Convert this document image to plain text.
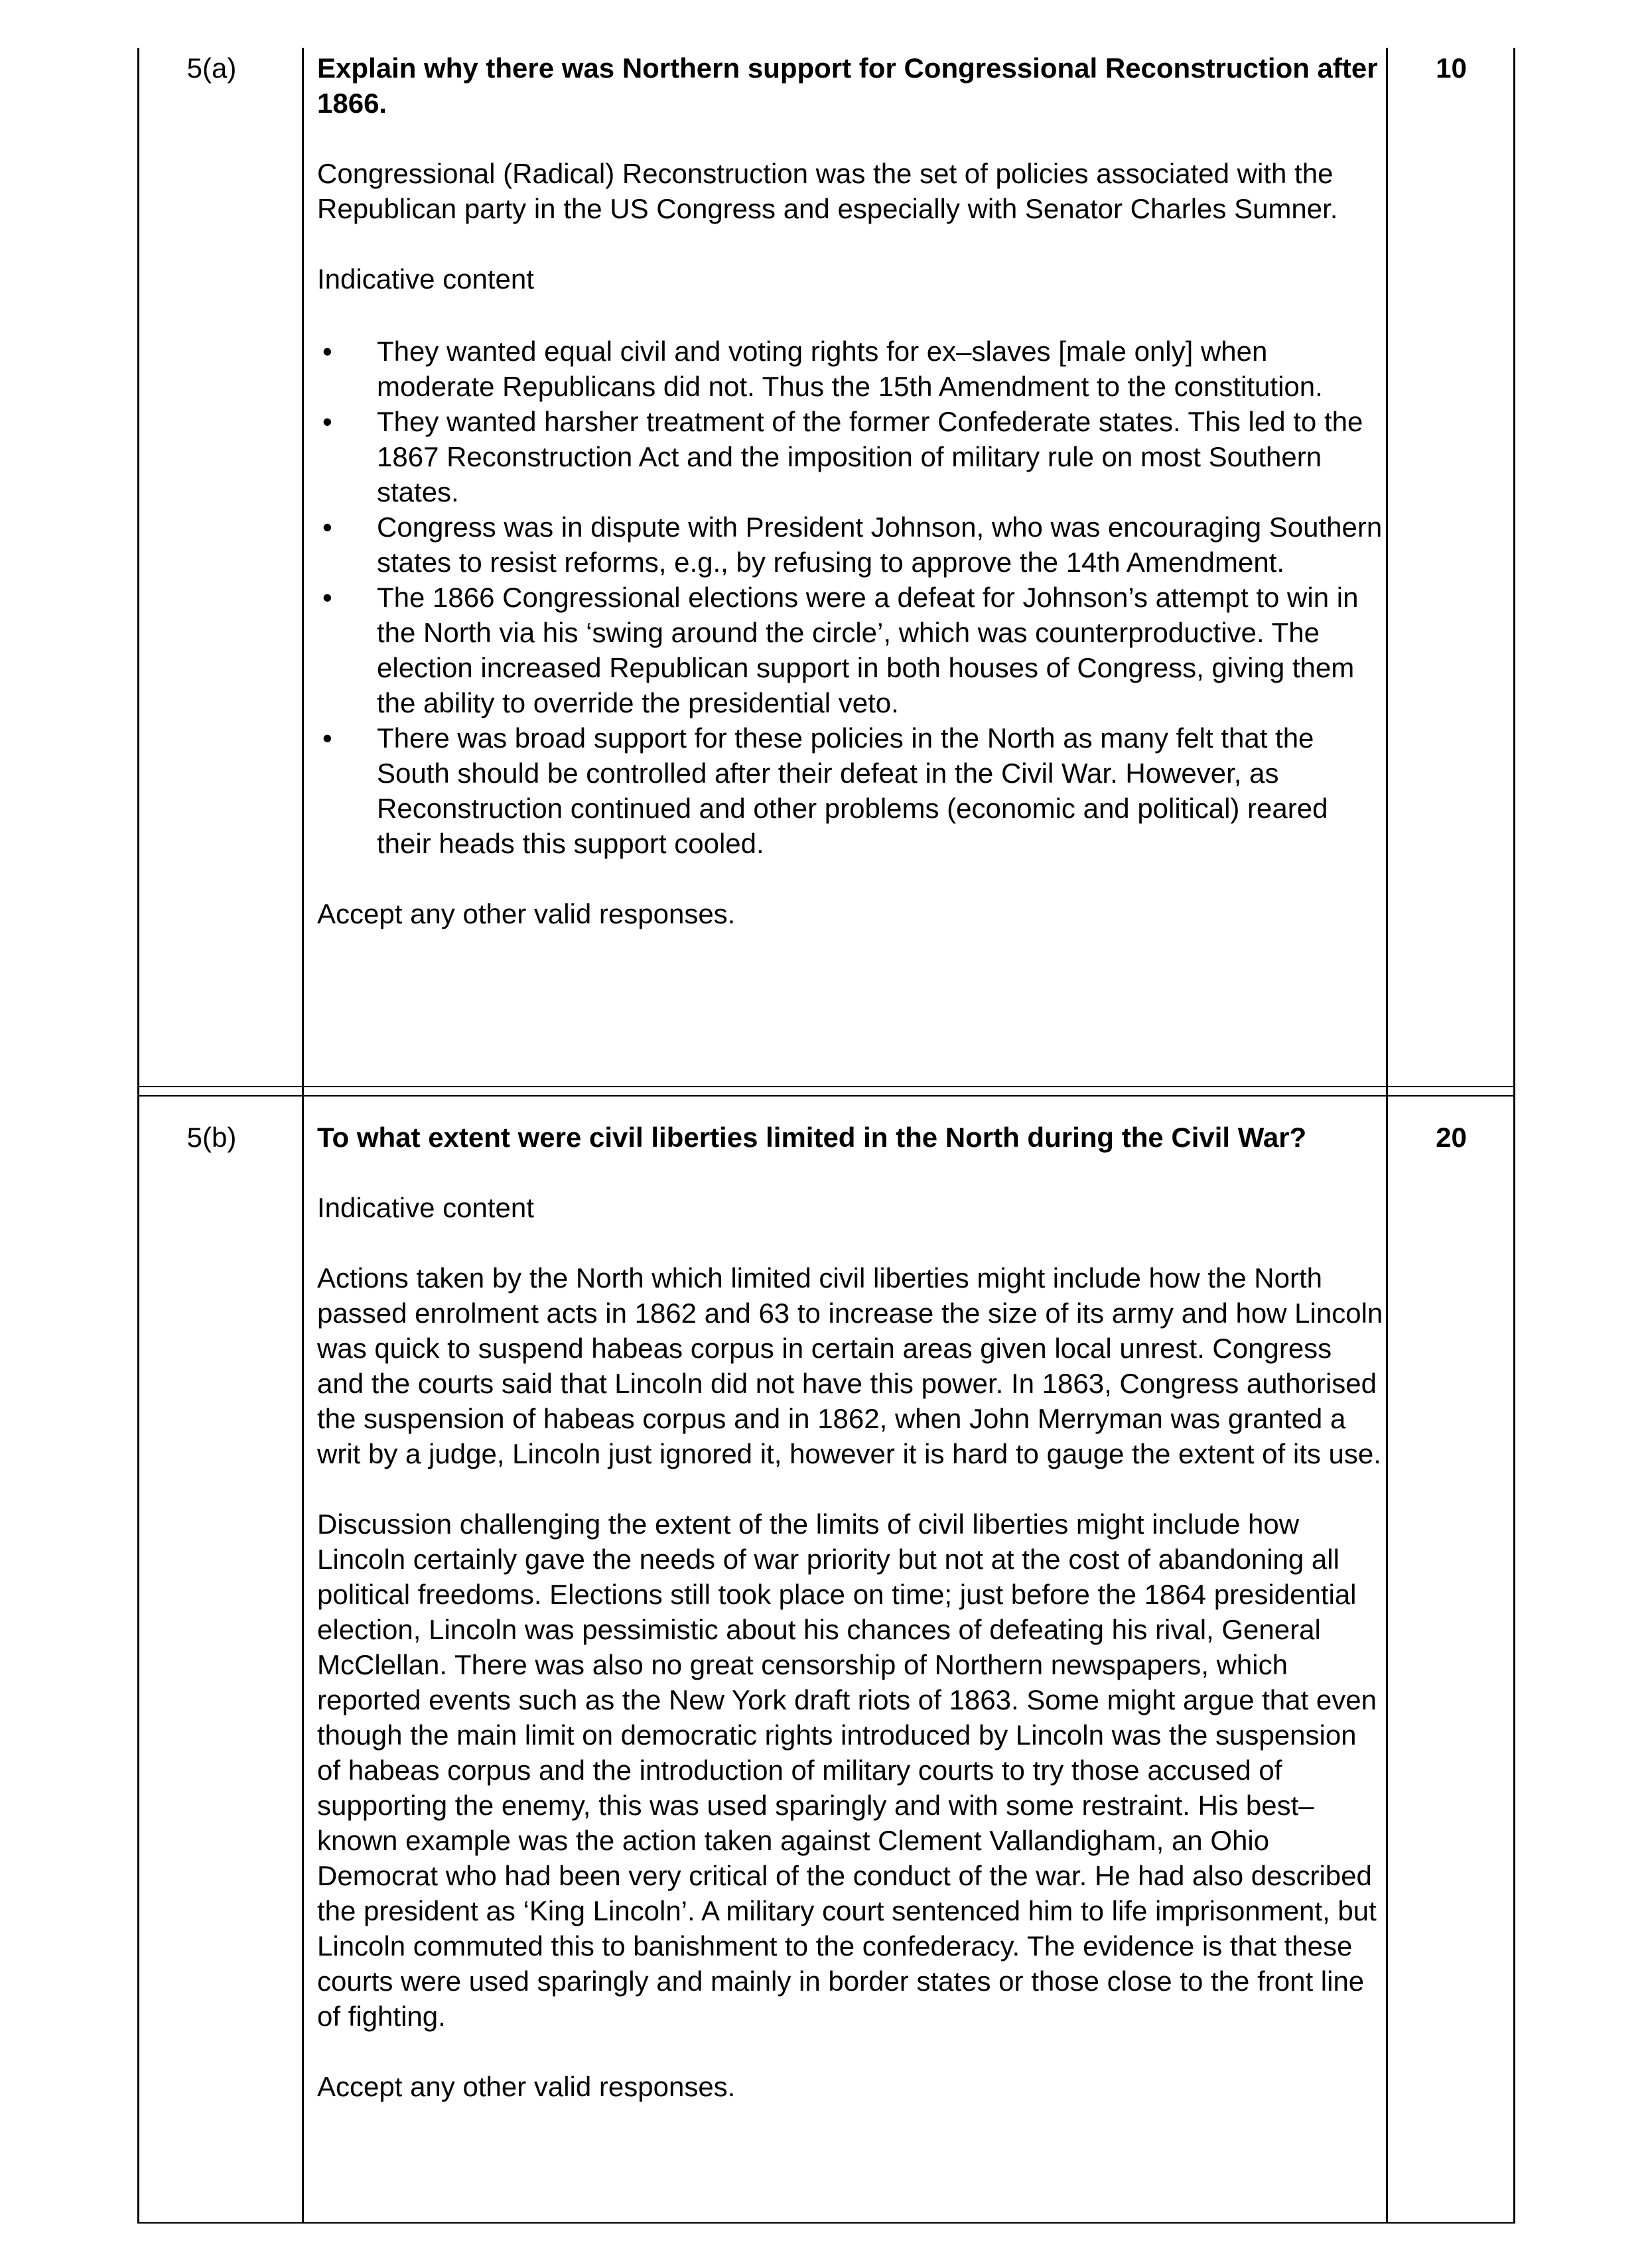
5(a)	Explain why there was Northern support for Congressional Reconstruction after 1866.

Congressional (Radical) Reconstruction was the set of policies associated with the Republican party in the US Congress and especially with Senator Charles Sumner.

Indicative content

• They wanted equal civil and voting rights for ex–slaves [male only] when moderate Republicans did not. Thus the 15th Amendment to the constitution.
• They wanted harsher treatment of the former Confederate states. This led to the 1867 Reconstruction Act and the imposition of military rule on most Southern states.
• Congress was in dispute with President Johnson, who was encouraging Southern states to resist reforms, e.g., by refusing to approve the 14th Amendment.
• The 1866 Congressional elections were a defeat for Johnson’s attempt to win in the North via his ‘swing around the circle’, which was counterproductive. The election increased Republican support in both houses of Congress, giving them the ability to override the presidential veto.
• There was broad support for these policies in the North as many felt that the South should be controlled after their defeat in the Civil War. However, as Reconstruction continued and other problems (economic and political) reared their heads this support cooled.

Accept any other valid responses.

10
5(b)	To what extent were civil liberties limited in the North during the Civil War?

Indicative content

Actions taken by the North which limited civil liberties might include how the North passed enrolment acts in 1862 and 63 to increase the size of its army and how Lincoln was quick to suspend habeas corpus in certain areas given local unrest. Congress and the courts said that Lincoln did not have this power. In 1863, Congress authorised the suspension of habeas corpus and in 1862, when John Merryman was granted a writ by a judge, Lincoln just ignored it, however it is hard to gauge the extent of its use.

Discussion challenging the extent of the limits of civil liberties might include how Lincoln certainly gave the needs of war priority but not at the cost of abandoning all political freedoms. Elections still took place on time; just before the 1864 presidential election, Lincoln was pessimistic about his chances of defeating his rival, General McClellan. There was also no great censorship of Northern newspapers, which reported events such as the New York draft riots of 1863. Some might argue that even though the main limit on democratic rights introduced by Lincoln was the suspension of habeas corpus and the introduction of military courts to try those accused of supporting the enemy, this was used sparingly and with some restraint. His best–known example was the action taken against Clement Vallandigham, an Ohio Democrat who had been very critical of the conduct of the war. He had also described the president as ‘King Lincoln’. A military court sentenced him to life imprisonment, but Lincoln commuted this to banishment to the confederacy. The evidence is that these courts were used sparingly and mainly in border states or those close to the front line of fighting.

Accept any other valid responses.

20
